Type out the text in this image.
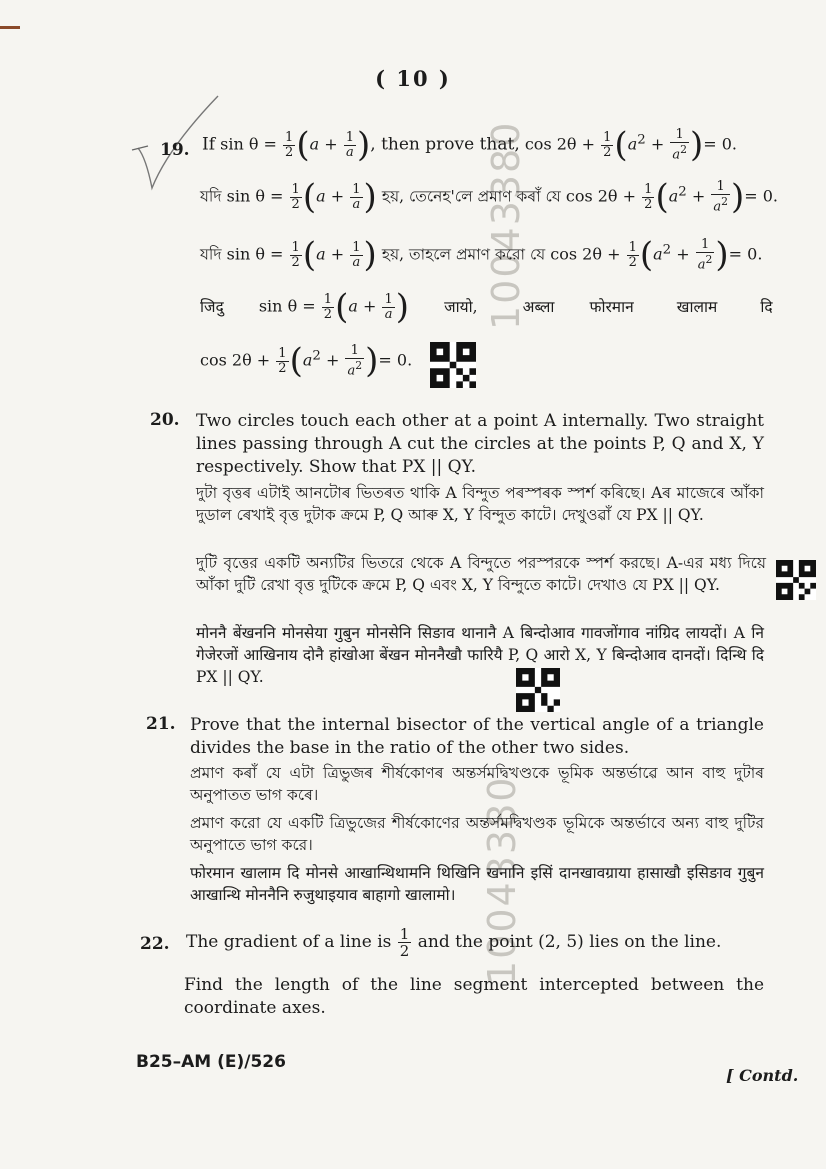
( 10 )
10043380
10043380
19. If $\sin \theta = \frac{1}{2} (a + \frac{1}{a}$ ), then prove that, $\cos 2\theta + \frac{1}{2} (a^2 + \frac{1}{a^2}$ )= 0.
যদি $\sin \theta = \frac{1}{2} (a + \frac{1}{a}$ ) হয়, তেনেহ'লে প্ৰমাণ কৰাঁ যে $\cos 2\theta + \frac{1}{2} (a^2 + \frac{1}{a^2}$ )= 0.
যদি $\sin \theta = \frac{1}{2} (a + \frac{1}{a}$ ) হয়, তাহলে প্রমাণ করো যে $\cos 2\theta + \frac{1}{2} (a^2 + \frac{1}{a^2}$ )= 0.
जिदु $\sin \theta = \frac{1}{2} (a + \frac{1}{a}$ ) जायो,	अब्ला फोरमान	खालाम	दि
$\cos 2\theta + \frac{1}{2} (a^2 + \frac{1}{a^2}$ )= 0.
20. Two circles touch each other at a point A internally. Two straight lines passing through A cut the circles at the points P, Q and X, Y respectively. Show that PX || QY.
দুটা বৃত্তৰ এটাই আনটোৰ ভিতৰত থাকি A বিন্দুত পৰস্পৰক স্পৰ্শ কৰিছে। Aৰ মাজেৰে আঁকা দুডাল ৰেখাই বৃত্ত দুটাক ক্ৰমে P, Q আৰু X, Y বিন্দুত কাটে। দেখুওৱাঁ যে PX || QY.
দুটি বৃত্তের একটি অন্যটির ভিতরে থেকে A বিন্দুতে পরস্পরকে স্পর্শ করছে। A-এর মধ্য দিয়ে আঁকা দুটি রেখা বৃত্ত দুটিকে ক্রমে P, Q এবং X, Y বিন্দুতে কাটে। দেখাও যে PX || QY.
मोननै बेंखननि मोनसेया गुबुन मोनसेनि सिङाव थानानै A बिन्दोआव गावजोंगाव नांग्रिद लायदों। A नि गेजेरजों आखिनाय दोनै हांखोआ बेंखन मोननैखौ फारियै P, Q आरो X, Y बिन्दोआव दानदों। दिन्थि दि PX || QY.
21. Prove that the internal bisector of the vertical angle of a triangle divides the base in the ratio of the other two sides.
প্ৰমাণ কৰাঁ যে এটা ত্ৰিভুজৰ শীৰ্ষকোণৰ অন্তৰ্সমদ্বিখণ্ডকে ভূমিক অন্তৰ্ভাৱে আন বাহু দুটাৰ অনুপাতত ভাগ কৰে।
প্রমাণ করো যে একটি ত্রিভুজের শীর্ষকোণের অন্তর্সমদ্বিখণ্ডক ভূমিকে অন্তর্ভাবে অন্য বাহু দুটির অনুপাতে ভাগ করে।
फोरमान खालाम दि मोनसे आखान्थिथामनि थिखिनि खनानि इसिं दानखावग्राया हासाखौ इसिङाव गुबुन आखान्थि मोननैनि रुजुथाइयाव बाहागो खालामो।
22. The gradient of a line is $\frac{1}{2}$ and the point (2, 5) lies on the line.
Find the length of the line segment intercepted between the coordinate axes.
B25–AM (E)/526
[ Contd.
